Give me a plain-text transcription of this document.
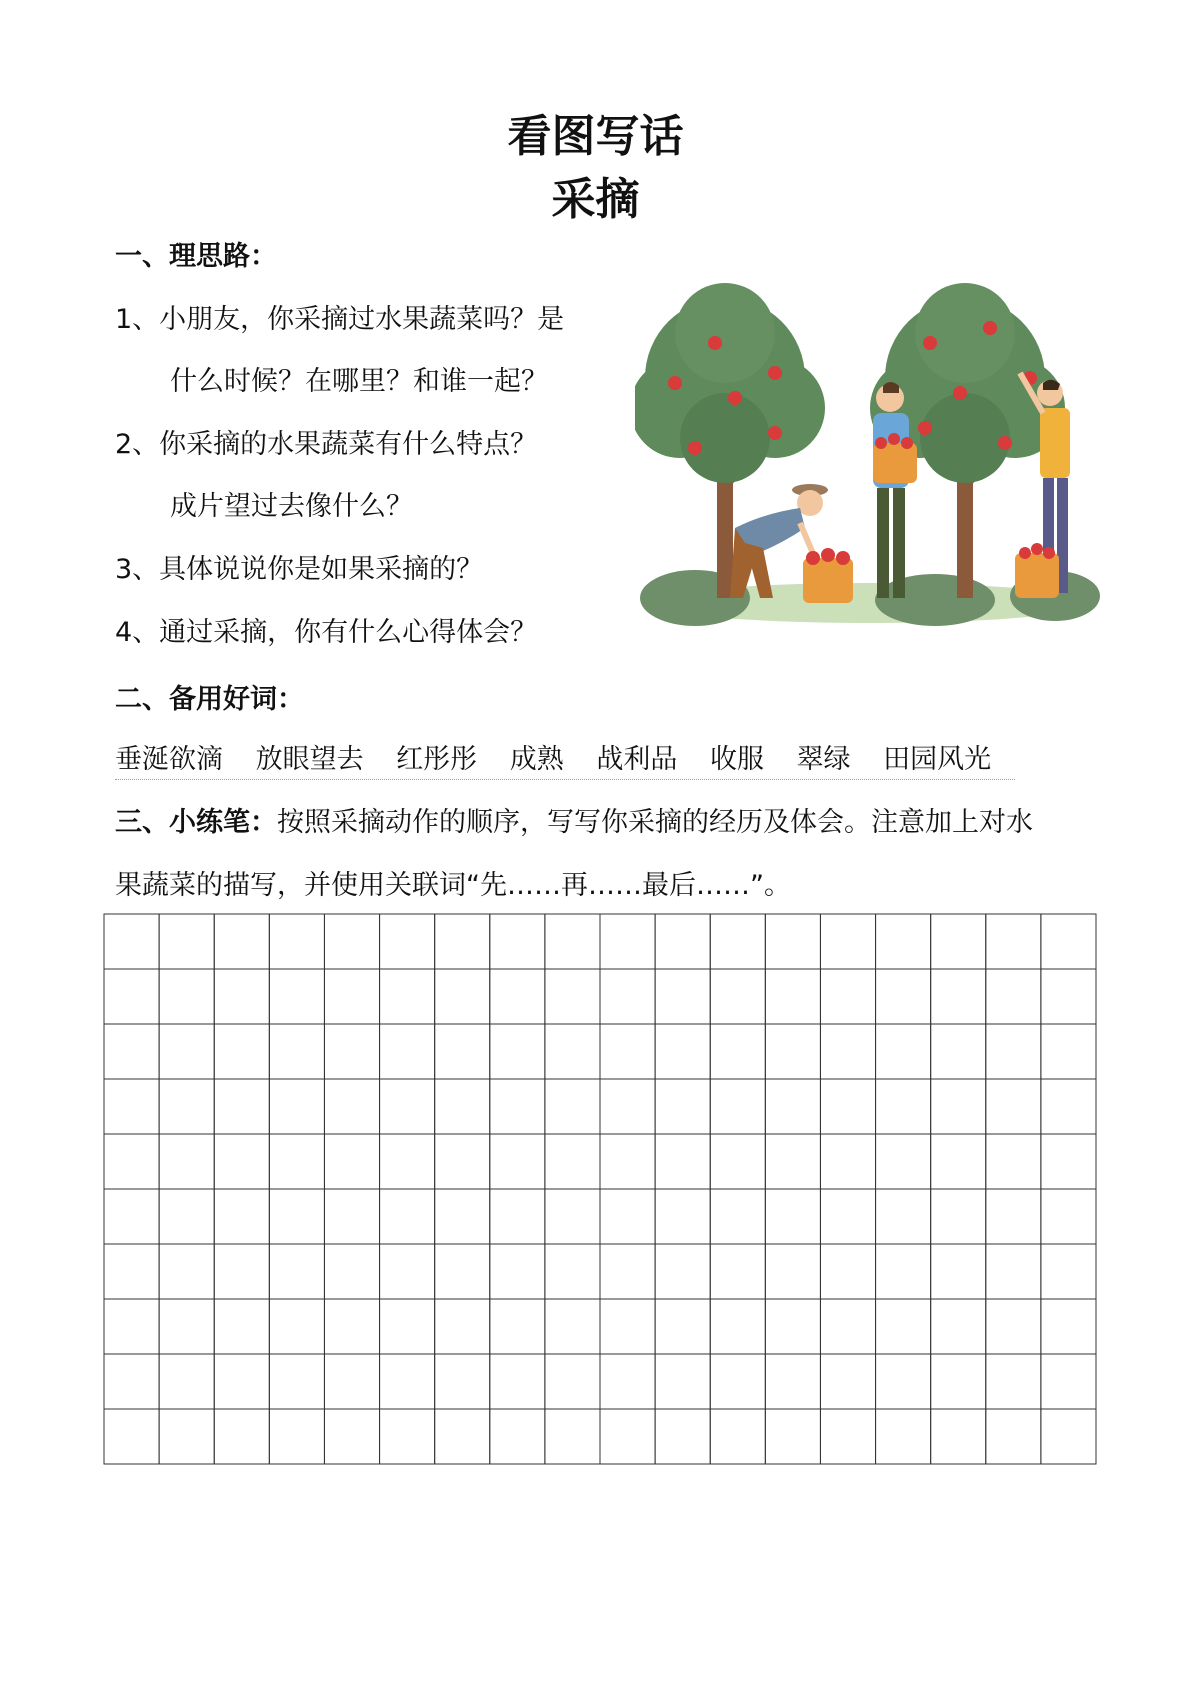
看图写话
采摘
一、理思路：
1、小朋友，你采摘过水果蔬菜吗？是
什么时候？在哪里？和谁一起？
2、你采摘的水果蔬菜有什么特点？
成片望过去像什么？
3、具体说说你是如果采摘的？
4、通过采摘，你有什么心得体会？
二、备用好词：
垂涎欲滴 放眼望去 红彤彤 成熟 战利品 收服 翠绿 田园风光
三、小练笔：按照采摘动作的顺序，写写你采摘的经历及体会。注意加上对水
果蔬菜的描写，并使用关联词“先……再……最后……”。
